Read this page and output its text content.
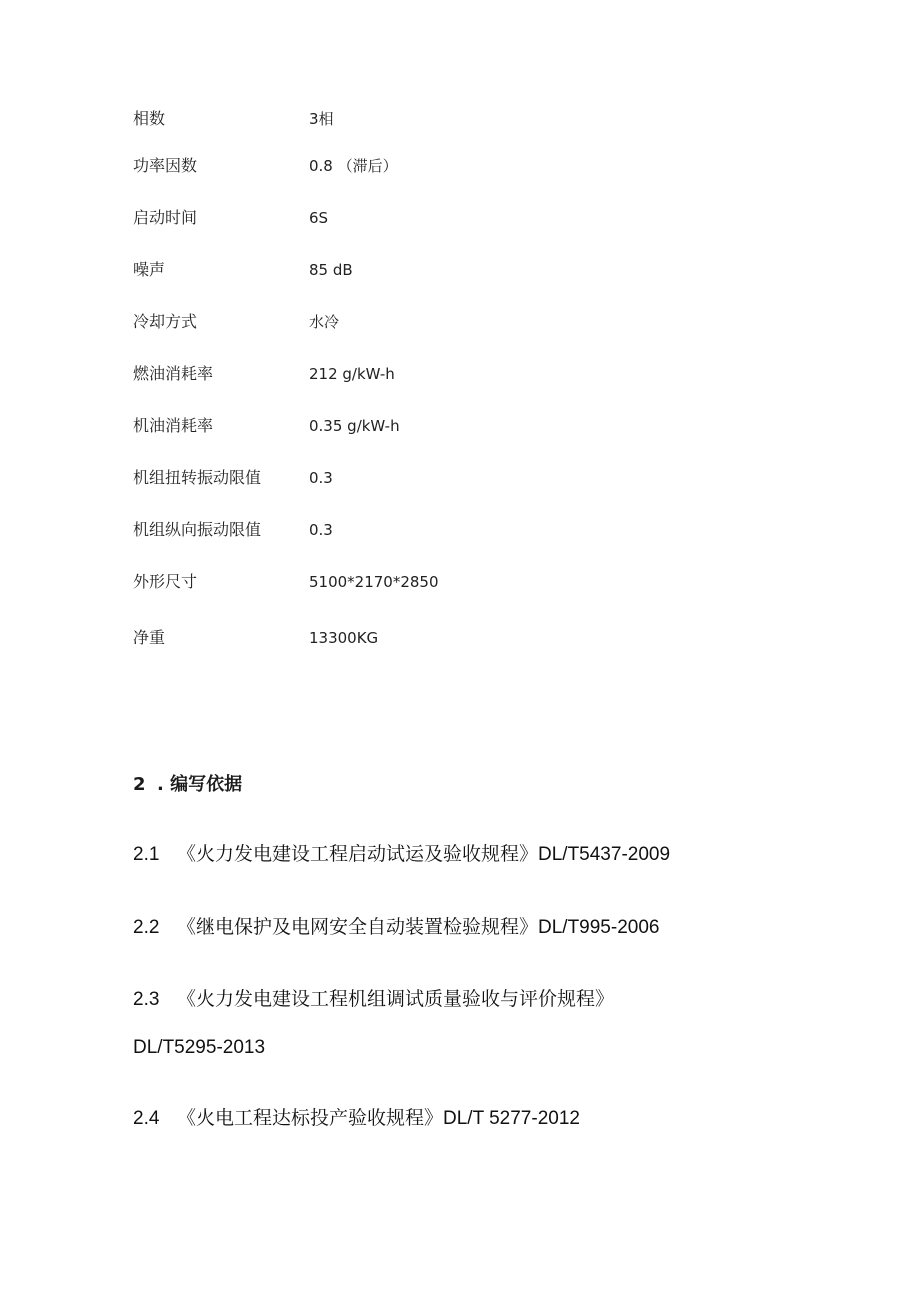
相数	3相
功率因数	0.8 （滞后）
启动时间	6S
噪声	85 dB
冷却方式	水冷
燃油消耗率	212 g/kW-h
机油消耗率	0.35 g/kW-h
机组扭转振动限值	0.3
机组纵向振动限值	0.3
外形尺寸	5100*2170*2850
净重	13300KG
2 . 编写依据
2.1 《火力发电建设工程启动试运及验收规程》DL/T5437-2009
2.2 《继电保护及电网安全自动装置检验规程》DL/T995-2006
2.3 《火力发电建设工程机组调试质量验收与评价规程》
DL/T5295-2013
2.4 《火电工程达标投产验收规程》DL/T 5277-2012
